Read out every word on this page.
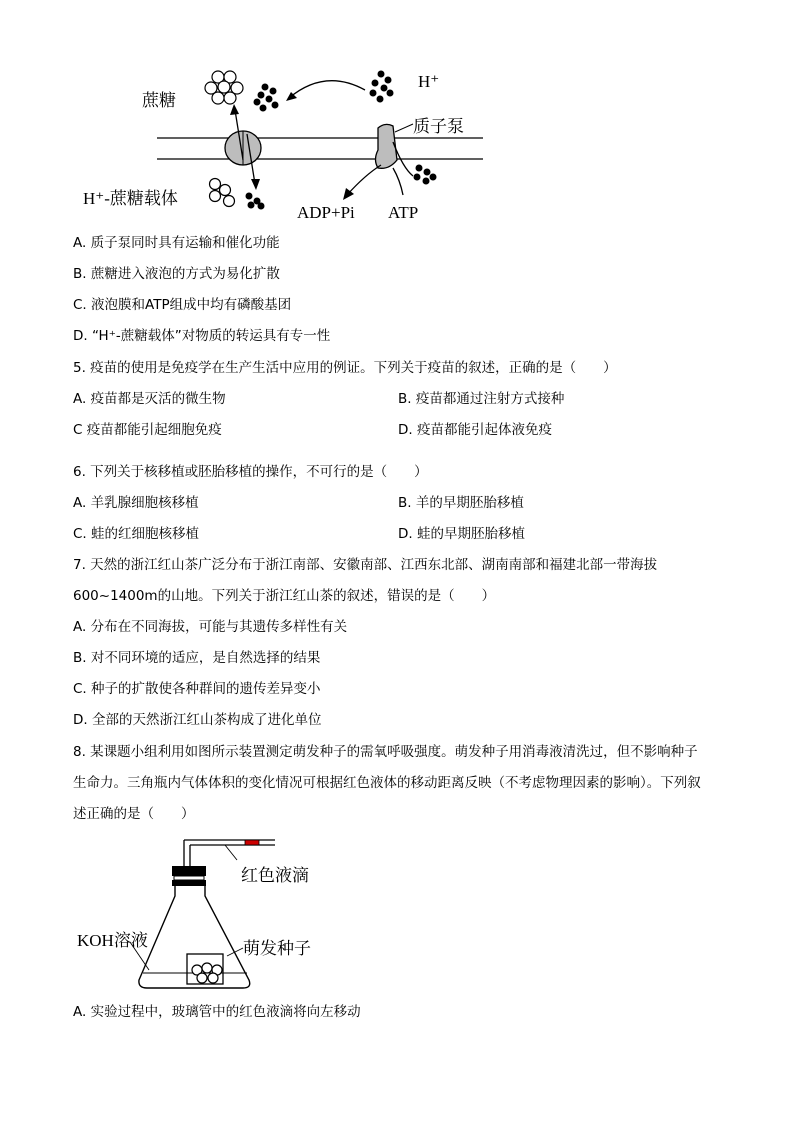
蔗糖
H⁺
质子泵
H⁺-蔗糖载体
ADP+Pi ATP
A. 质子泵同时具有运输和催化功能
B. 蔗糖进入液泡的方式为易化扩散
C. 液泡膜和ATP组成中均有磷酸基团
D. “H⁺-蔗糖载体”对物质的转运具有专一性
5. 疫苗的使用是免疫学在生产生活中应用的例证。下列关于疫苗的叙述，正确的是（　　）
A. 疫苗都是灭活的微生物	B. 疫苗都通过注射方式接种
C 疫苗都能引起细胞免疫	D. 疫苗都能引起体液免疫
6. 下列关于核移植或胚胎移植的操作，不可行的是（　　）
A. 羊乳腺细胞核移植	B. 羊的早期胚胎移植
C. 蛙的红细胞核移植	D. 蛙的早期胚胎移植
7. 天然的浙江红山茶广泛分布于浙江南部、安徽南部、江西东北部、湖南南部和福建北部一带海拔
600~1400m的山地。下列关于浙江红山茶的叙述，错误的是（　　）
A. 分布在不同海拔，可能与其遗传多样性有关
B. 对不同环境的适应，是自然选择的结果
C. 种子的扩散使各种群间的遗传差异变小
D. 全部的天然浙江红山茶构成了进化单位
8. 某课题小组利用如图所示装置测定萌发种子的需氧呼吸强度。萌发种子用消毒液清洗过，但不影响种子
生命力。三角瓶内气体体积的变化情况可根据红色液体的移动距离反映（不考虑物理因素的影响）。下列叙
述正确的是（　　）
红色液滴
KOH溶液	萌发种子
A. 实验过程中，玻璃管中的红色液滴将向左移动
